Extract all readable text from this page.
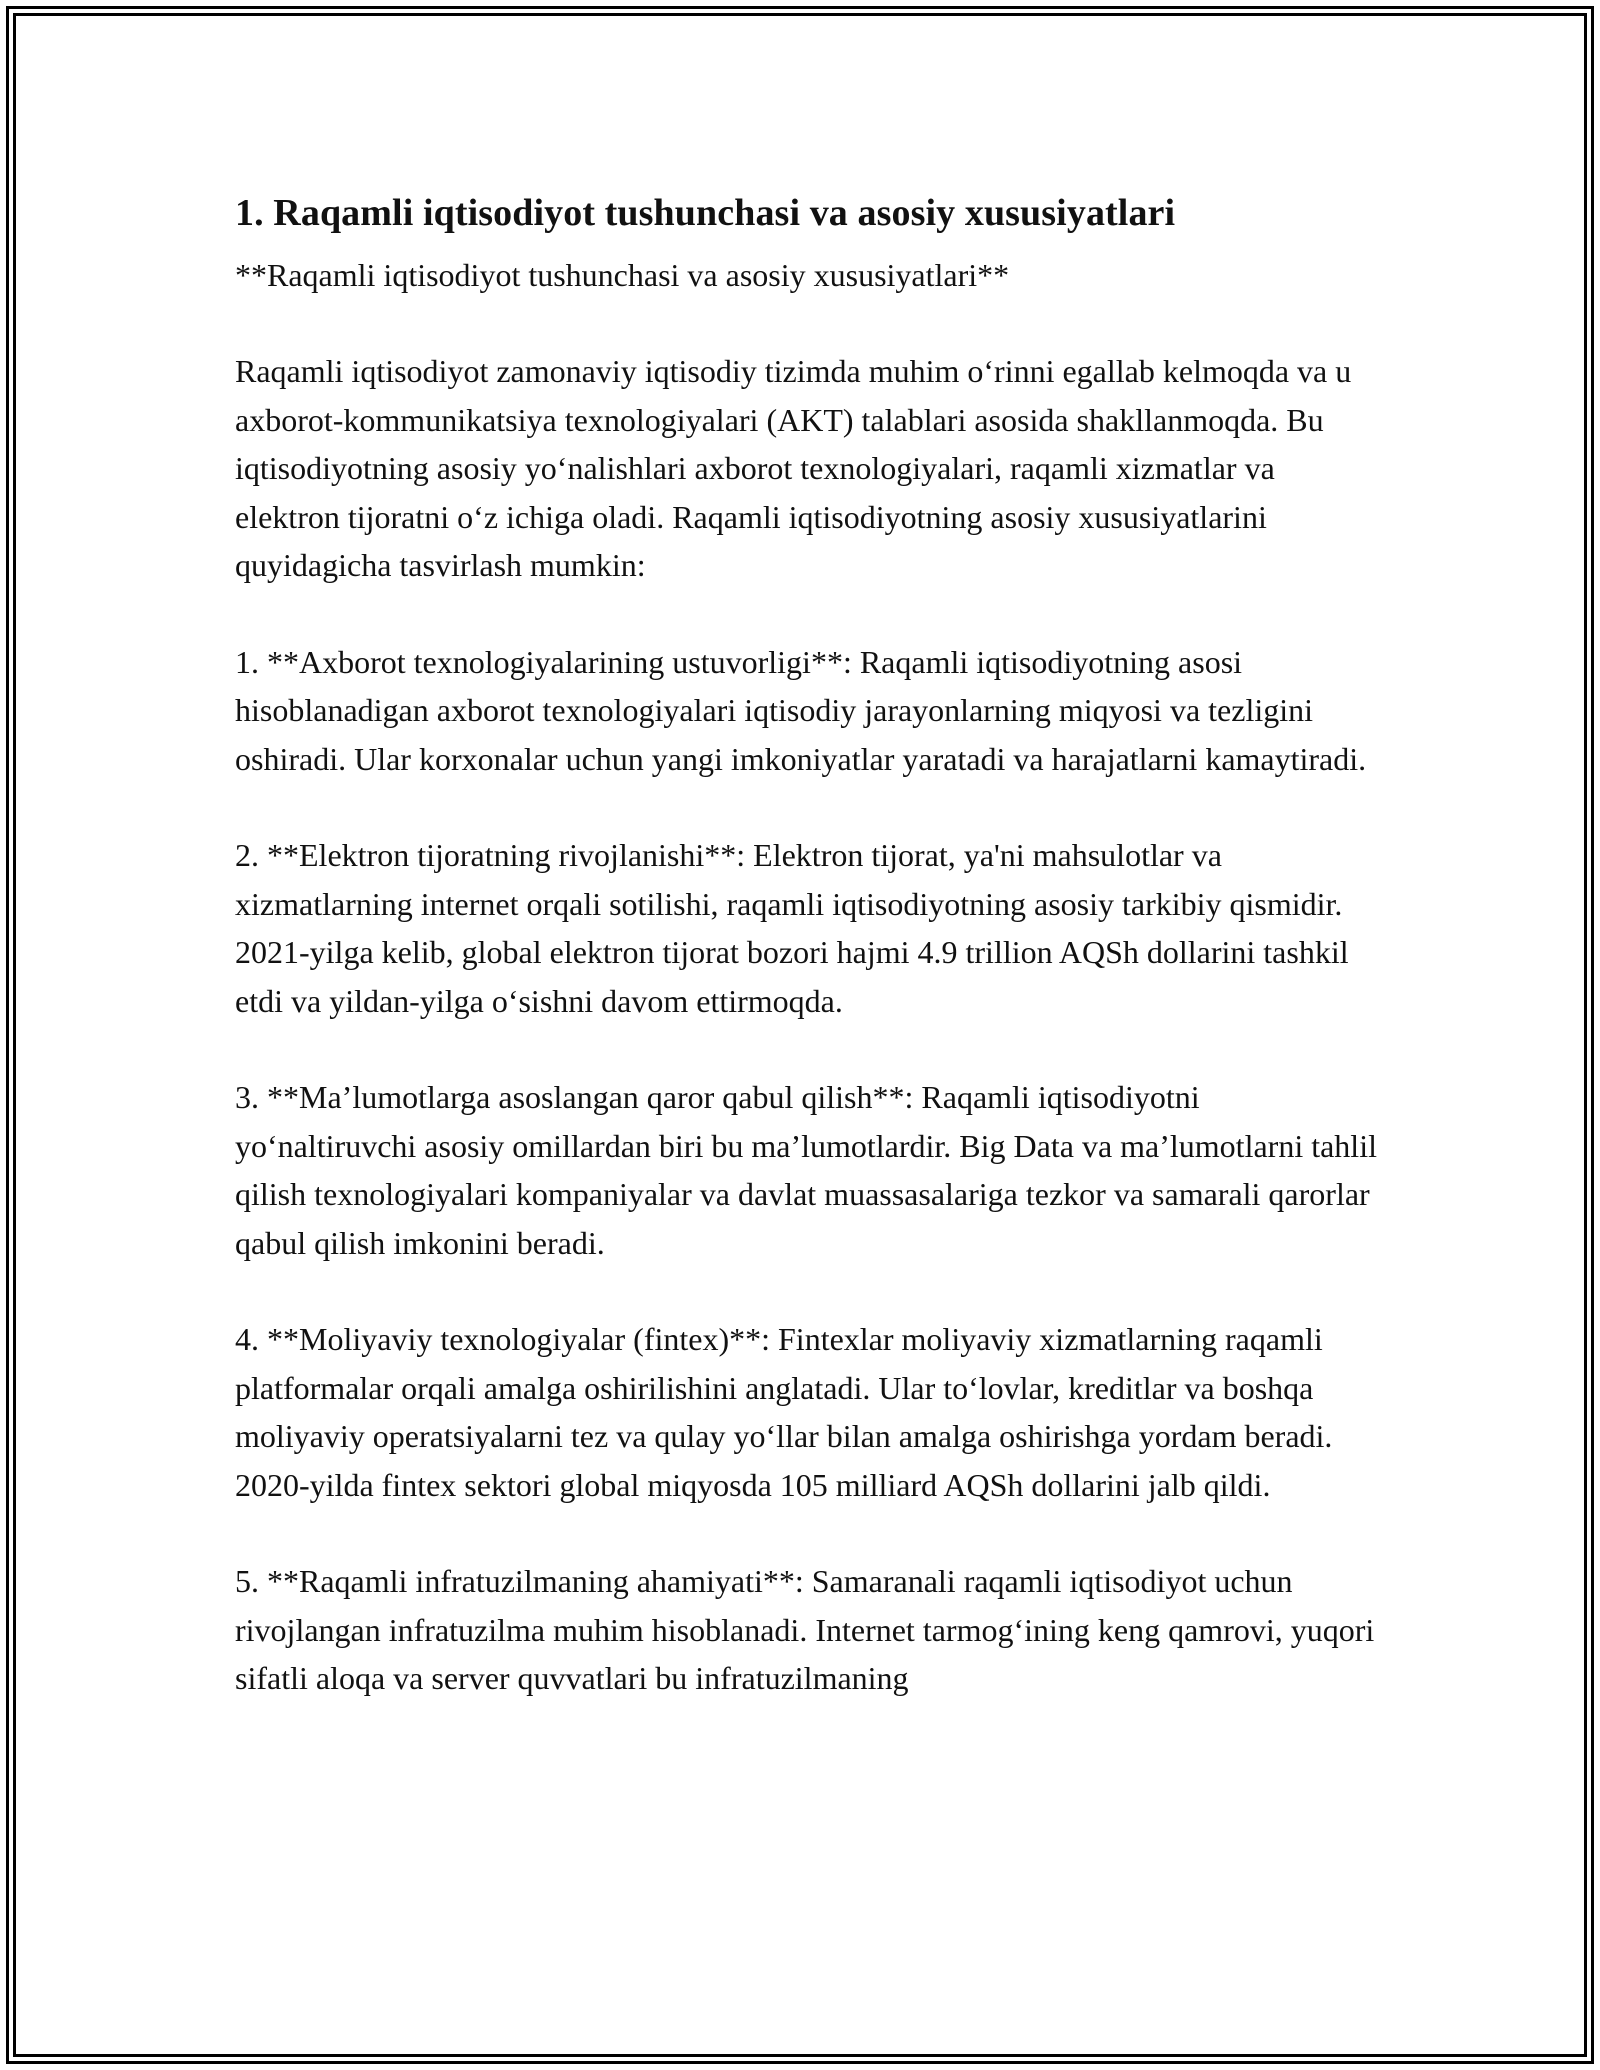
1. Raqamli iqtisodiyot tushunchasi va asosiy xususiyatlari

**Raqamli iqtisodiyot tushunchasi va asosiy xususiyatlari**

Raqamli iqtisodiyot zamonaviy iqtisodiy tizimda muhim o‘rinni egallab kelmoqda va u axborot-kommunikatsiya texnologiyalari (AKT) talablari asosida shakllanmoqda. Bu iqtisodiyotning asosiy yo‘nalishlari axborot texnologiyalari, raqamli xizmatlar va elektron tijoratni o‘z ichiga oladi. Raqamli iqtisodiyotning asosiy xususiyatlarini quyidagicha tasvirlash mumkin:

1. **Axborot texnologiyalarining ustuvorligi**: Raqamli iqtisodiyotning asosi hisoblanadigan axborot texnologiyalari iqtisodiy jarayonlarning miqyosi va tezligini oshiradi. Ular korxonalar uchun yangi imkoniyatlar yaratadi va harajatlarni kamaytiradi.

2. **Elektron tijoratning rivojlanishi**: Elektron tijorat, ya'ni mahsulotlar va xizmatlarning internet orqali sotilishi, raqamli iqtisodiyotning asosiy tarkibiy qismidir. 2021-yilga kelib, global elektron tijorat bozori hajmi 4.9 trillion AQSh dollarini tashkil etdi va yildan-yilga o‘sishni davom ettirmoqda.

3. **Ma’lumotlarga asoslangan qaror qabul qilish**: Raqamli iqtisodiyotni yo‘naltiruvchi asosiy omillardan biri bu ma’lumotlardir. Big Data va ma’lumotlarni tahlil qilish texnologiyalari kompaniyalar va davlat muassasalariga tezkor va samarali qarorlar qabul qilish imkonini beradi.

4. **Moliyaviy texnologiyalar (fintex)**: Fintexlar moliyaviy xizmatlarning raqamli platformalar orqali amalga oshirilishini anglatadi. Ular to‘lovlar, kreditlar va boshqa moliyaviy operatsiyalarni tez va qulay yo‘llar bilan amalga oshirishga yordam beradi. 2020-yilda fintex sektori global miqyosda 105 milliard AQSh dollarini jalb qildi.

5. **Raqamli infratuzilmaning ahamiyati**: Samaranali raqamli iqtisodiyot uchun rivojlangan infratuzilma muhim hisoblanadi. Internet tarmog‘ining keng qamrovi, yuqori sifatli aloqa va server quvvatlari bu infratuzilmaning
